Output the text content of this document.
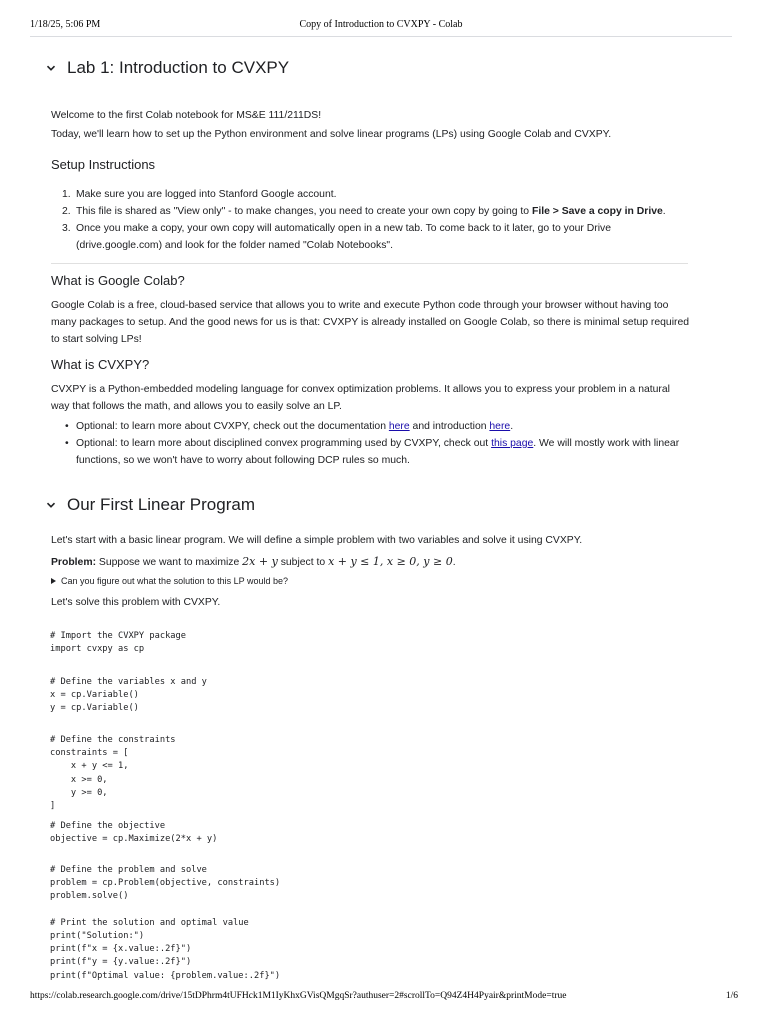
1/18/25, 5:06 PM	Copy of Introduction to CVXPY - Colab
Lab 1: Introduction to CVXPY
Welcome to the first Colab notebook for MS&E 111/211DS!
Today, we'll learn how to set up the Python environment and solve linear programs (LPs) using Google Colab and CVXPY.
Setup Instructions
1. Make sure you are logged into Stanford Google account.
2. This file is shared as "View only" - to make changes, you need to create your own copy by going to File > Save a copy in Drive.
3. Once you make a copy, your own copy will automatically open in a new tab. To come back to it later, go to your Drive (drive.google.com) and look for the folder named "Colab Notebooks".
What is Google Colab?
Google Colab is a free, cloud-based service that allows you to write and execute Python code through your browser without having too many packages to setup. And the good news for us is that: CVXPY is already installed on Google Colab, so there is minimal setup required to start solving LPs!
What is CVXPY?
CVXPY is a Python-embedded modeling language for convex optimization problems. It allows you to express your problem in a natural way that follows the math, and allows you to easily solve an LP.
• Optional: to learn more about CVXPY, check out the documentation here and introduction here.
• Optional: to learn more about disciplined convex programming used by CVXPY, check out this page. We will mostly work with linear functions, so we won't have to worry about following DCP rules so much.
Our First Linear Program
Let's start with a basic linear program. We will define a simple problem with two variables and solve it using CVXPY.
Problem: Suppose we want to maximize 2x + y subject to x + y ≤ 1, x ≥ 0, y ≥ 0.
Can you figure out what the solution to this LP would be?
Let's solve this problem with CVXPY.
# Import the CVXPY package
import cvxpy as cp
# Define the variables x and y
x = cp.Variable()
y = cp.Variable()
# Define the constraints
constraints = [
x + y <= 1,
x >= 0,
y >= 0,
]
# Define the objective
objective = cp.Maximize(2*x + y)
# Define the problem and solve
problem = cp.Problem(objective, constraints)
problem.solve()

# Print the solution and optimal value
print("Solution:")
print(f"x = {x.value:.2f}")
print(f"y = {y.value:.2f}")
print(f"Optimal value: {problem.value:.2f}")
https://colab.research.google.com/drive/15tDPhrm4tUFHck1M1IyKhxGVisQMgqSr?authuser=2#scrollTo=Q94Z4H4Pyair&printMode=true	1/6
